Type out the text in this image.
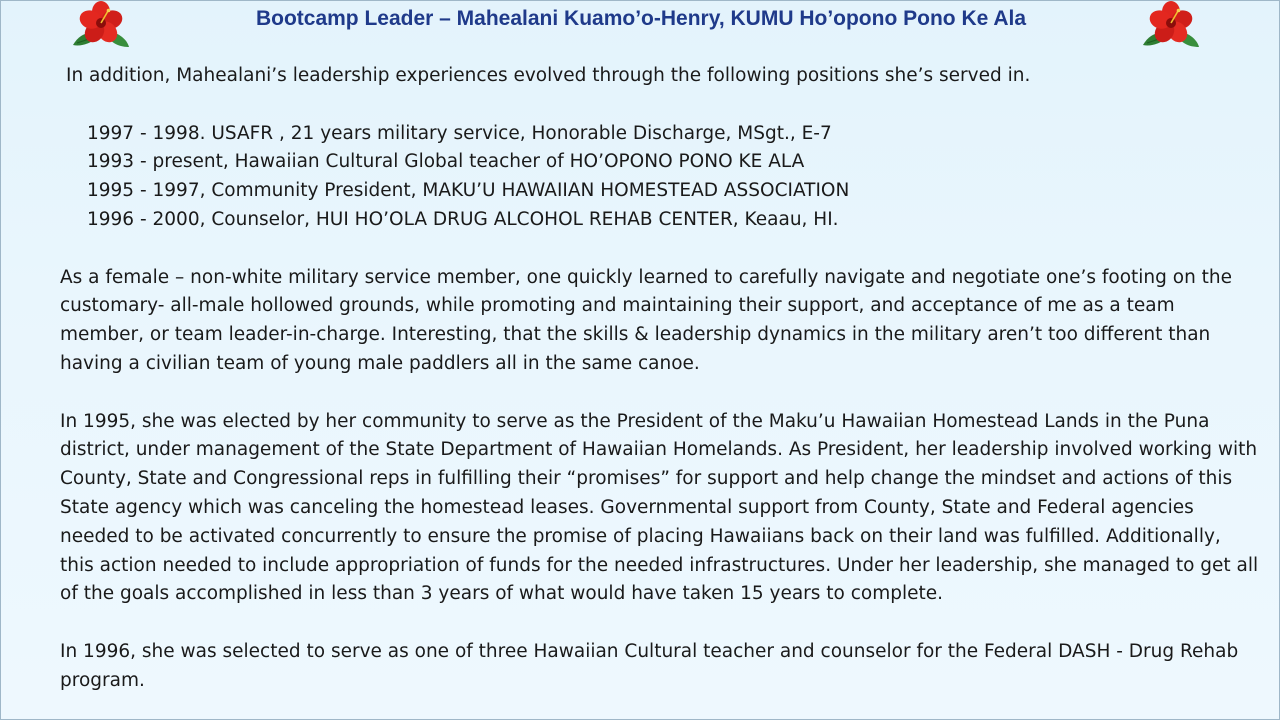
Bootcamp Leader – Mahealani Kuamo’o-Henry, KUMU Ho’opono Pono Ke Ala

In addition, Mahealani’s leadership experiences evolved through the following positions she’s served in.

1997 - 1998. USAFR , 21 years military service, Honorable Discharge, MSgt., E-7
1993 - present, Hawaiian Cultural Global teacher of HO’OPONO PONO KE ALA
1995 - 1997, Community President, MAKU’U HAWAIIAN HOMESTEAD ASSOCIATION
1996 - 2000, Counselor, HUI HO’OLA DRUG ALCOHOL REHAB CENTER, Keaau, HI.

As a female – non-white military service member, one quickly learned to carefully navigate and negotiate one’s footing on the customary- all-male hollowed grounds, while promoting and maintaining their support, and acceptance of me as a team member, or team leader-in-charge. Interesting, that the skills & leadership dynamics in the military aren’t too different than having a civilian team of young male paddlers all in the same canoe.

In 1995, she was elected by her community to serve as the President of the Maku’u Hawaiian Homestead Lands in the Puna district, under management of the State Department of Hawaiian Homelands. As President, her leadership involved working with County, State and Congressional reps in fulfilling their “promises” for support and help change the mindset and actions of this State agency which was canceling the homestead leases. Governmental support from County, State and Federal agencies needed to be activated concurrently to ensure the promise of placing Hawaiians back on their land was fulfilled. Additionally, this action needed to include appropriation of funds for the needed infrastructures. Under her leadership, she managed to get all of the goals accomplished in less than 3 years of what would have taken 15 years to complete.

In 1996, she was selected to serve as one of three Hawaiian Cultural teacher and counselor for the Federal DASH - Drug Rehab program.
